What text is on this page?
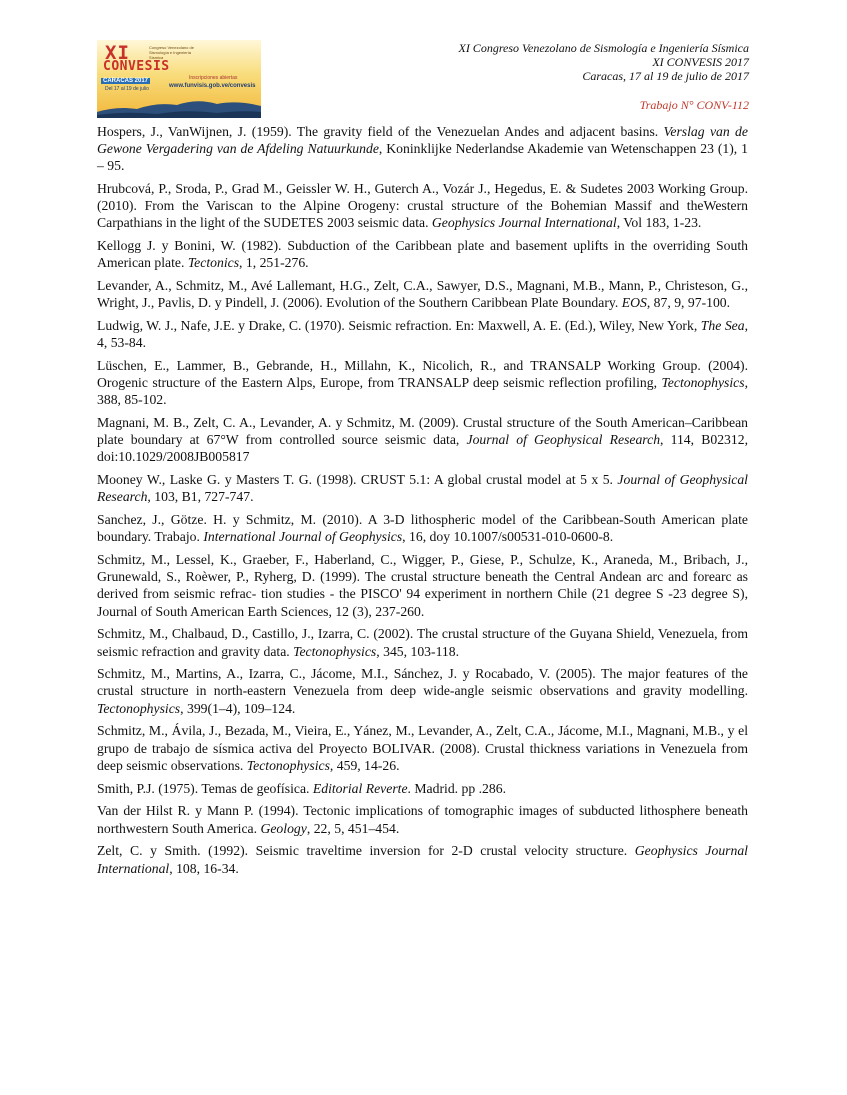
XI	Congreso Venezolano de Sismología e Ingeniería Sísmica
CONVESIS
CARACAS 2017
Del 17 al 19 de julio
Inscripciones abiertas
www.funvisis.gob.ve/convesis
XI Congreso Venezolano de Sismología e Ingeniería Sísmica
XI CONVESIS 2017
Caracas, 17 al 19 de julio de 2017
Trabajo N° CONV-112

Hospers, J., VanWijnen, J. (1959). The gravity field of the Venezuelan Andes and adjacent basins. Verslag van de Gewone Vergadering van de Afdeling Natuurkunde, Koninklijke Nederlandse Akademie van Wetenschappen 23 (1), 1 – 95.

Hrubcová, P., Sroda, P., Grad M., Geissler W. H., Guterch A., Vozár J., Hegedus, E. & Sudetes 2003 Working Group. (2010). From the Variscan to the Alpine Orogeny: crustal structure of the Bohemian Massif and theWestern Carpathians in the light of the SUDETES 2003 seismic data. Geophysics Journal International, Vol 183, 1-23.

Kellogg J. y Bonini, W. (1982). Subduction of the Caribbean plate and basement uplifts in the overriding South American plate. Tectonics, 1, 251-276.

Levander, A., Schmitz, M., Avé Lallemant, H.G., Zelt, C.A., Sawyer, D.S., Magnani, M.B., Mann, P., Christeson, G., Wright, J., Pavlis, D. y Pindell, J. (2006). Evolution of the Southern Caribbean Plate Boundary. EOS, 87, 9, 97-100.

Ludwig, W. J., Nafe, J.E. y Drake, C. (1970). Seismic refraction. En: Maxwell, A. E. (Ed.), Wiley, New York, The Sea, 4, 53-84.

Lüschen, E., Lammer, B., Gebrande, H., Millahn, K., Nicolich, R., and TRANSALP Working Group. (2004). Orogenic structure of the Eastern Alps, Europe, from TRANSALP deep seismic reflection profiling, Tectonophysics, 388, 85-102.

Magnani, M. B., Zelt, C. A., Levander, A. y Schmitz, M. (2009). Crustal structure of the South American–Caribbean plate boundary at 67°W from controlled source seismic data, Journal of Geophysical Research, 114, B02312, doi:10.1029/2008JB005817

Mooney W., Laske G. y Masters T. G. (1998). CRUST 5.1: A global crustal model at 5 x 5. Journal of Geophysical Research, 103, B1, 727-747.

Sanchez, J., Götze. H. y Schmitz, M. (2010). A 3-D lithospheric model of the Caribbean-South American plate boundary. Trabajo. International Journal of Geophysics, 16, doy 10.1007/s00531-010-0600-8.

Schmitz, M., Lessel, K., Graeber, F., Haberland, C., Wigger, P., Giese, P., Schulze, K., Araneda, M., Bribach, J., Grunewald, S., Roèwer, P., Ryherg, D. (1999). The crustal structure beneath the Central Andean arc and forearc as derived from seismic refrac- tion studies - the PISCO' 94 experiment in northern Chile (21 degree S -23 degree S), Journal of South American Earth Sciences, 12 (3), 237-260.

Schmitz, M., Chalbaud, D., Castillo, J., Izarra, C. (2002). The crustal structure of the Guyana Shield, Venezuela, from seismic refraction and gravity data. Tectonophysics, 345, 103-118.

Schmitz, M., Martins, A., Izarra, C., Jácome, M.I., Sánchez, J. y Rocabado, V. (2005). The major features of the crustal structure in north-eastern Venezuela from deep wide-angle seismic observations and gravity modelling. Tectonophysics, 399(1–4), 109–124.

Schmitz, M., Ávila, J., Bezada, M., Vieira, E., Yánez, M., Levander, A., Zelt, C.A., Jácome, M.I., Magnani, M.B., y el grupo de trabajo de sísmica activa del Proyecto BOLIVAR. (2008). Crustal thickness variations in Venezuela from deep seismic observations. Tectonophysics, 459, 14-26.

Smith, P.J. (1975). Temas de geofísica. Editorial Reverte. Madrid. pp .286.

Van der Hilst R. y Mann P. (1994). Tectonic implications of tomographic images of subducted lithosphere beneath northwestern South America. Geology, 22, 5, 451–454.

Zelt, C. y Smith. (1992). Seismic traveltime inversion for 2-D crustal velocity structure. Geophysics Journal International, 108, 16-34.
